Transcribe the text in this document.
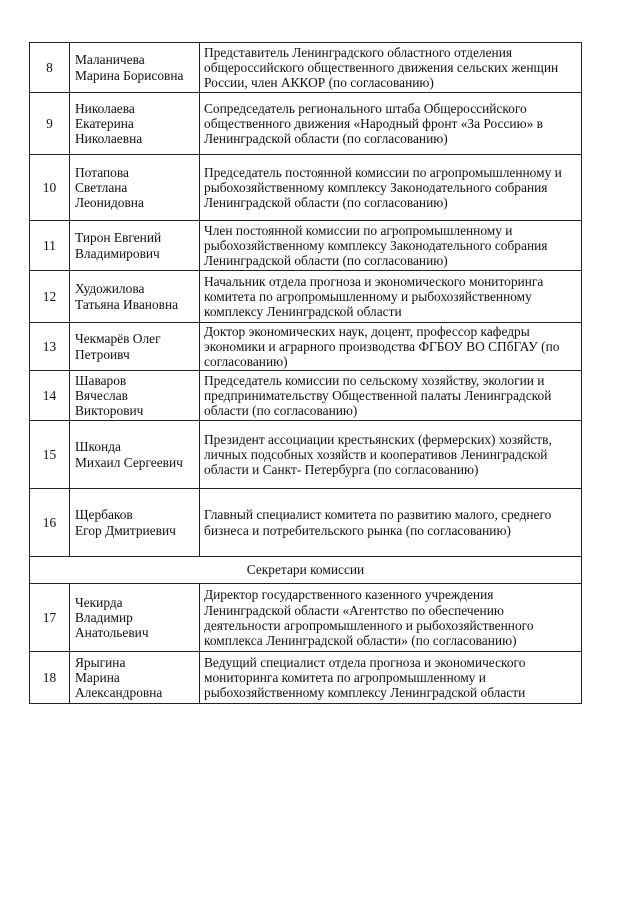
8	Маланичева
Марина Борисовна	Представитель Ленинградского областного отделения общероссийского общественного движения сельских женщин России, член АККОР (по согласованию)
9	Николаева
Екатерина
Николаевна	Сопредседатель регионального штаба Общероссийского общественного движения «Народный фронт «За Россию» в Ленинградской области (по согласованию)
10	Потапова
Светлана
Леонидовна	Председатель постоянной комиссии по агропромышленному и рыбохозяйственному комплексу Законодательного собрания Ленинградской области (по согласованию)
11	Тирон Евгений
Владимирович	Член постоянной комиссии по агропромышленному и рыбохозяйственному комплексу Законодательного собрания Ленинградской области (по согласованию)
12	Художилова
Татьяна Ивановна	Начальник отдела прогноза и экономического мониторинга комитета по агропромышленному и рыбохозяйственному комплексу Ленинградской области
13	Чекмарёв Олег
Петроивч	Доктор экономических наук, доцент, профессор кафедры экономики и аграрного производства ФГБОУ ВО СПбГАУ (по согласованию)
14	Шаваров
Вячеслав
Викторович	Председатель комиссии по сельскому хозяйству, экологии и предпринимательству Общественной палаты Ленинградской области (по согласованию)
15	Шконда
Михаил Сергеевич	Президент ассоциации крестьянских (фермерских) хозяйств, личных подсобных хозяйств и кооперативов Ленинградской области и Санкт- Петербурга (по согласованию)
16	Щербаков
Егор Дмитриевич	Главный специалист комитета по развитию малого, среднего бизнеса и потребительского рынка (по согласованию)
Секретари комиссии		
17	Чекирда
Владимир
Анатольевич	Директор государственного казенного учреждения Ленинградской области «Агентство по обеспечению деятельности агропромышленного и рыбохозяйственного комплекса Ленинградской области» (по согласованию)
18	Ярыгина
Марина
Александровна	Ведущий специалист отдела прогноза и экономического мониторинга комитета по агропромышленному и рыбохозяйственному комплексу Ленинградской области
